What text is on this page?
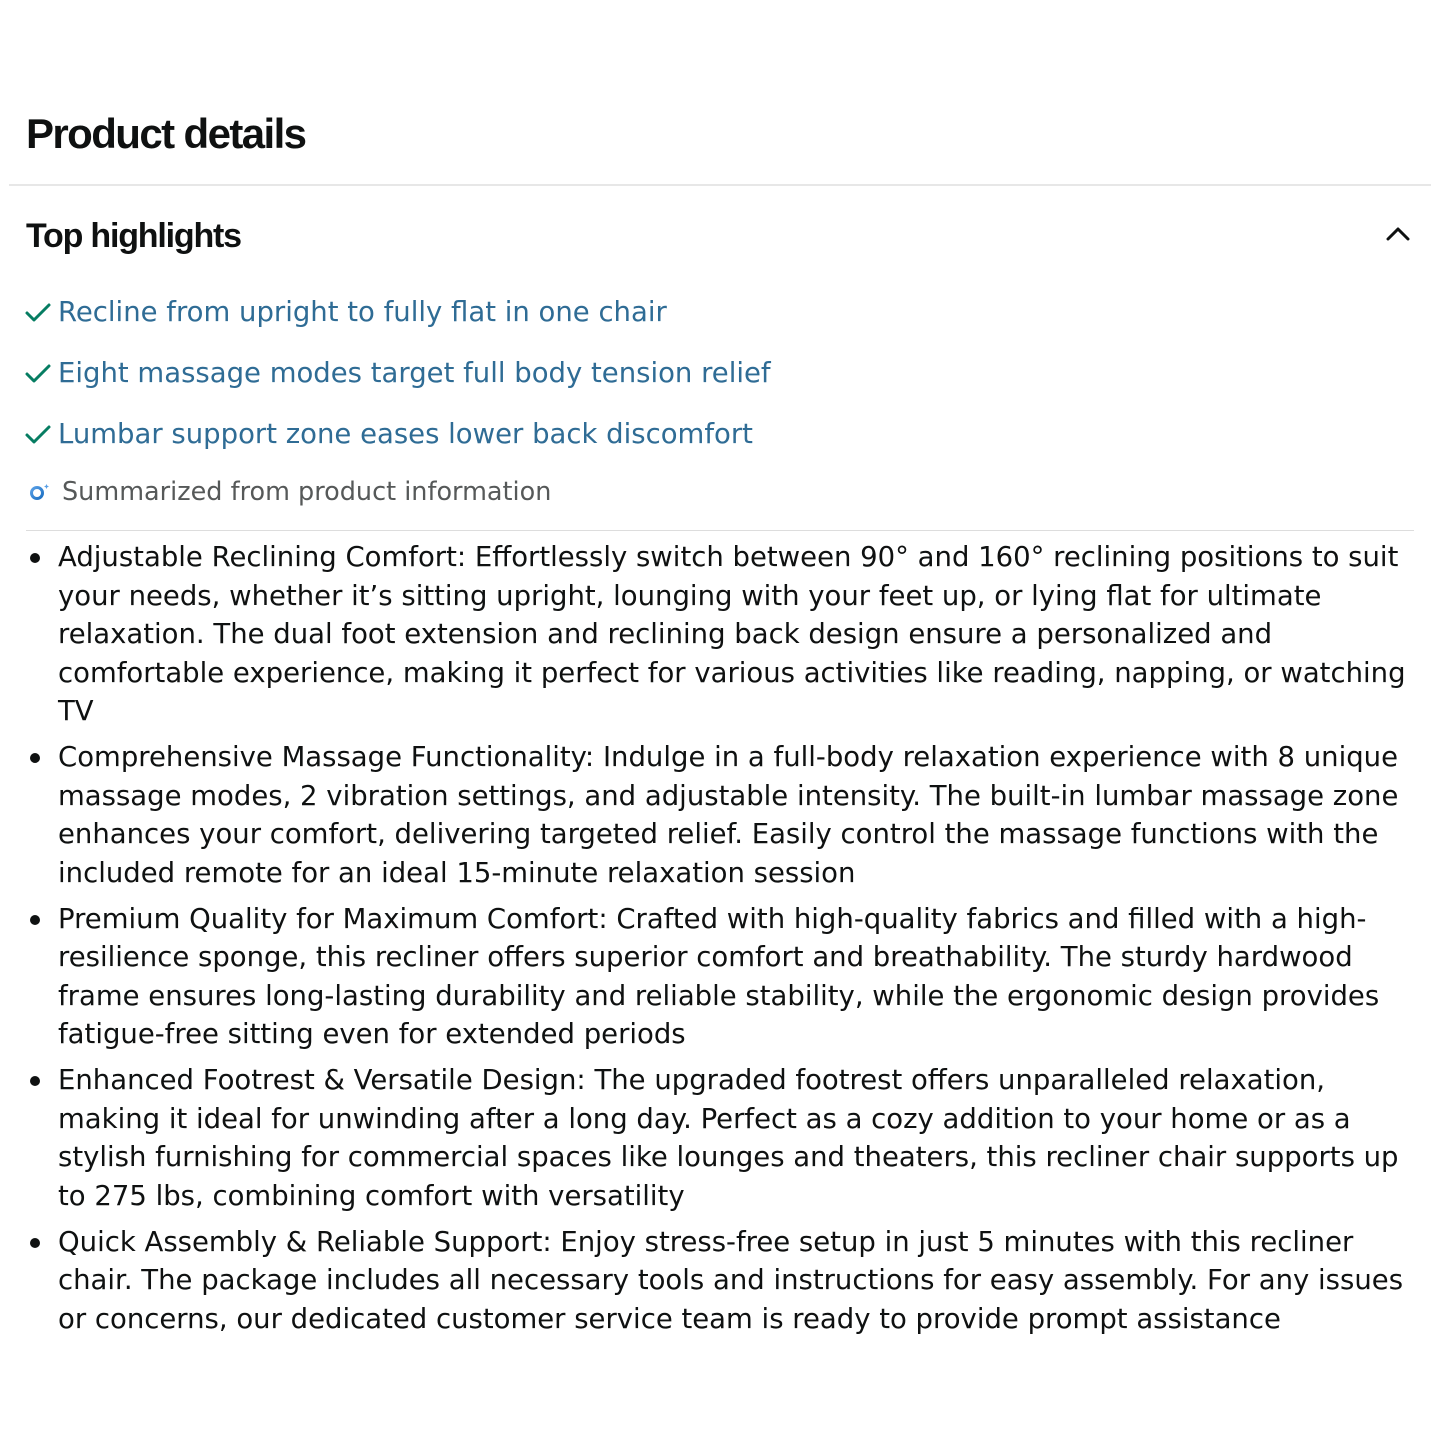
Product details
Top highlights
Recline from upright to fully flat in one chair
Eight massage modes target full body tension relief
Lumbar support zone eases lower back discomfort
Summarized from product information
Adjustable Reclining Comfort: Effortlessly switch between 90° and 160° reclining positions to suit your needs, whether it’s sitting upright, lounging with your feet up, or lying flat for ultimate relaxation. The dual foot extension and reclining back design ensure a personalized and comfortable experience, making it perfect for various activities like reading, napping, or watching TV
Comprehensive Massage Functionality: Indulge in a full-body relaxation experience with 8 unique massage modes, 2 vibration settings, and adjustable intensity. The built-in lumbar massage zone enhances your comfort, delivering targeted relief. Easily control the massage functions with the included remote for an ideal 15-minute relaxation session
Premium Quality for Maximum Comfort: Crafted with high-quality fabrics and filled with a high-resilience sponge, this recliner offers superior comfort and breathability. The sturdy hardwood frame ensures long-lasting durability and reliable stability, while the ergonomic design provides fatigue-free sitting even for extended periods
Enhanced Footrest & Versatile Design: The upgraded footrest offers unparalleled relaxation, making it ideal for unwinding after a long day. Perfect as a cozy addition to your home or as a stylish furnishing for commercial spaces like lounges and theaters, this recliner chair supports up to 275 lbs, combining comfort with versatility
Quick Assembly & Reliable Support: Enjoy stress-free setup in just 5 minutes with this recliner chair. The package includes all necessary tools and instructions for easy assembly. For any issues or concerns, our dedicated customer service team is ready to provide prompt assistance
